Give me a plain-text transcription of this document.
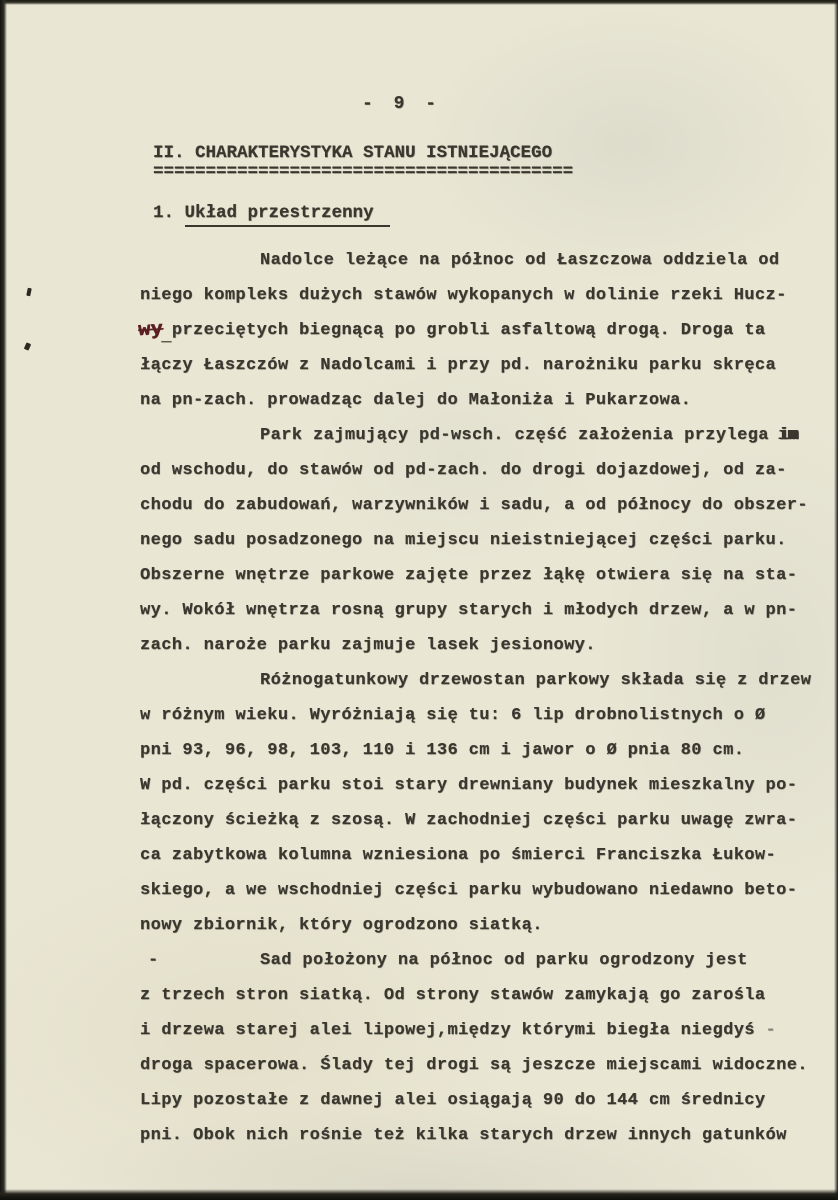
- 9 -
II. CHARAKTERYSTYKA STANU ISTNIEJĄCEGO
========================================
1. Układ przestrzenny
Nadolce leżące na północ od Łaszczowa oddziela od
niego kompleks dużych stawów wykopanych w dolinie rzeki Hucz-
wy_przeciętych biegnącą po grobli asfaltową drogą. Droga ta
łączy Łaszczów z Nadolcami i przy pd. narożniku parku skręca
na pn-zach. prowadząc dalej do Małoniża i Pukarzowa.
Park zajmujący pd-wsch. część założenia przylega im
od wschodu, do stawów od pd-zach. do drogi dojazdowej, od za-
chodu do zabudowań, warzywników i sadu, a od północy do obszer-
nego sadu posadzonego na miejscu nieistniejącej części parku.
Obszerne wnętrze parkowe zajęte przez łąkę otwiera się na sta-
wy. Wokół wnętrza rosną grupy starych i młodych drzew, a w pn-
zach. naroże parku zajmuje lasek jesionowy.
Różnogatunkowy drzewostan parkowy składa się z drzew
w różnym wieku. Wyróżniają się tu: 6 lip drobnolistnych o Ø
pni 93, 96, 98, 103, 110 i 136 cm i jawor o Ø pnia 80 cm.
W pd. części parku stoi stary drewniany budynek mieszkalny po-
łączony ścieżką z szosą. W zachodniej części parku uwagę zwra-
ca zabytkowa kolumna wzniesiona po śmierci Franciszka Łukow-
skiego, a we wschodniej części parku wybudowano niedawno beto-
nowy zbiornik, który ogrodzono siatką.
-	Sad położony na północ od parku ogrodzony jest
z trzech stron siatką. Od strony stawów zamykają go zarośla
i drzewa starej alei lipowej,między którymi biegła niegdyś -
droga spacerowa. Ślady tej drogi są jeszcze miejscami widoczne.
Lipy pozostałe z dawnej alei osiągają 90 do 144 cm średnicy
pni. Obok nich rośnie też kilka starych drzew innych gatunków
